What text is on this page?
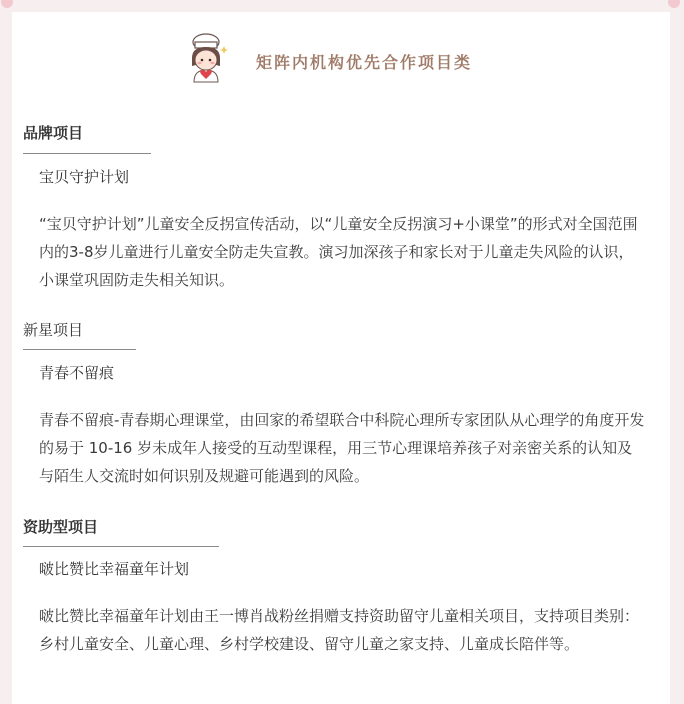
矩阵内机构优先合作项目类
品牌项目
宝贝守护计划
“宝贝守护计划”儿童安全反拐宣传活动，以“儿童安全反拐演习+小课堂”的形式对全国范围内的3-8岁儿童进行儿童安全防走失宣教。演习加深孩子和家长对于儿童走失风险的认识，小课堂巩固防走失相关知识。
新星项目
青春不留痕
青春不留痕-青春期心理课堂，由回家的希望联合中科院心理所专家团队从心理学的角度开发的易于 10-16 岁未成年人接受的互动型课程，用三节心理课培养孩子对亲密关系的认知及与陌生人交流时如何识别及规避可能遇到的风险。
资助型项目
啵比赞比幸福童年计划
啵比赞比幸福童年计划由王一博肖战粉丝捐赠支持资助留守儿童相关项目，支持项目类别：乡村儿童安全、儿童心理、乡村学校建设、留守儿童之家支持、儿童成长陪伴等。
